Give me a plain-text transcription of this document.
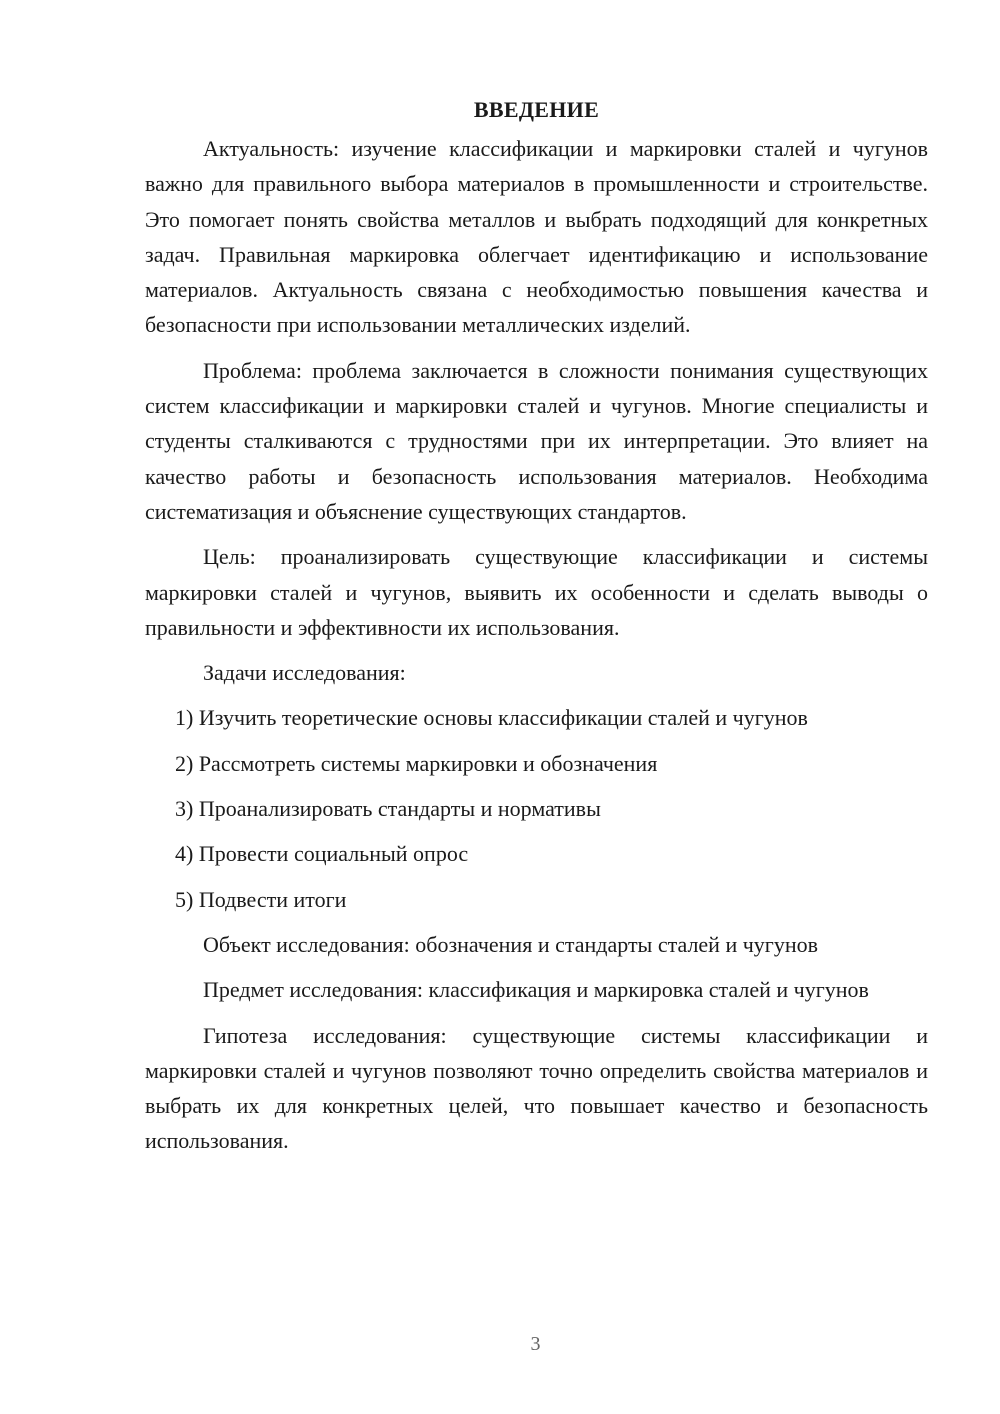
ВВЕДЕНИЕ

Актуальность: изучение классификации и маркировки сталей и чугунов важно для правильного выбора материалов в промышленности и строительстве. Это помогает понять свойства металлов и выбрать подходящий для конкретных задач. Правильная маркировка облегчает идентификацию и использование материалов. Актуальность связана с необходимостью повышения качества и безопасности при использовании металлических изделий.

Проблема: проблема заключается в сложности понимания существующих систем классификации и маркировки сталей и чугунов. Многие специалисты и студенты сталкиваются с трудностями при их интерпретации. Это влияет на качество работы и безопасность использования материалов. Необходима систематизация и объяснение существующих стандартов.

Цель: проанализировать существующие классификации и системы маркировки сталей и чугунов, выявить их особенности и сделать выводы о правильности и эффективности их использования.

Задачи исследования:

1) Изучить теоретические основы классификации сталей и чугунов
2) Рассмотреть системы маркировки и обозначения
3) Проанализировать стандарты и нормативы
4) Провести социальный опрос
5) Подвести итоги

Объект исследования: обозначения и стандарты сталей и чугунов

Предмет исследования: классификация и маркировка сталей и чугунов

Гипотеза исследования: существующие системы классификации и маркировки сталей и чугунов позволяют точно определить свойства материалов и выбрать их для конкретных целей, что повышает качество и безопасность использования.

3
